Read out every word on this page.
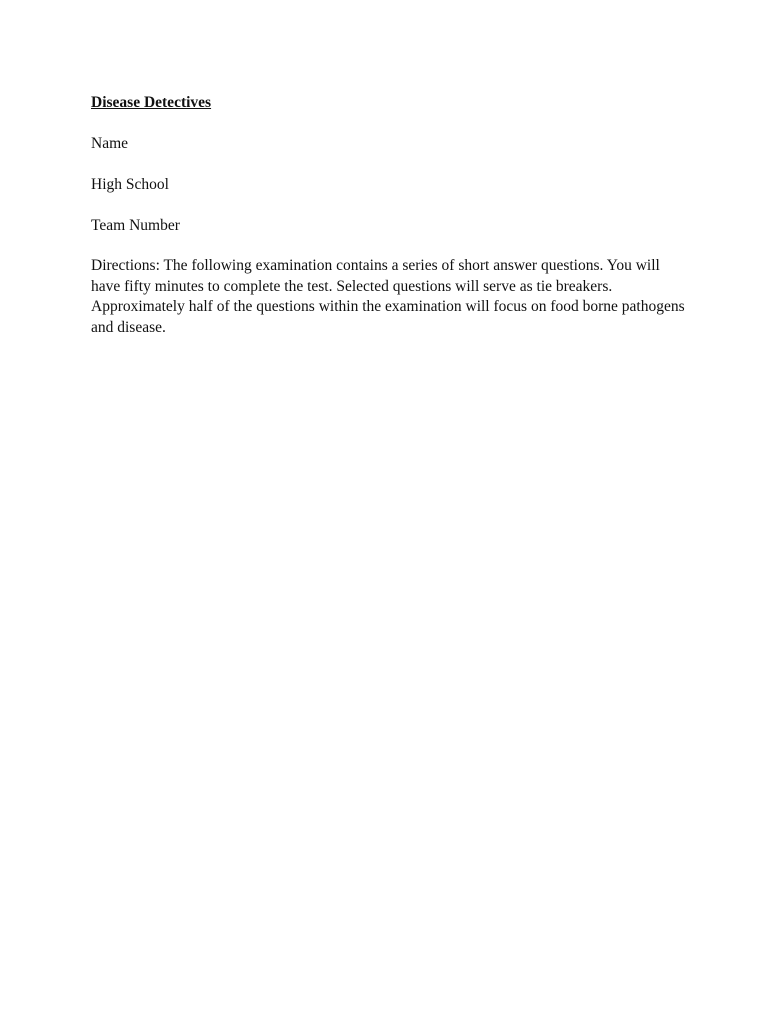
Disease Detectives

Name

High School

Team Number

Directions: The following examination contains a series of short answer questions. You will have fifty minutes to complete the test. Selected questions will serve as tie breakers. Approximately half of the questions within the examination will focus on food borne pathogens and disease.
